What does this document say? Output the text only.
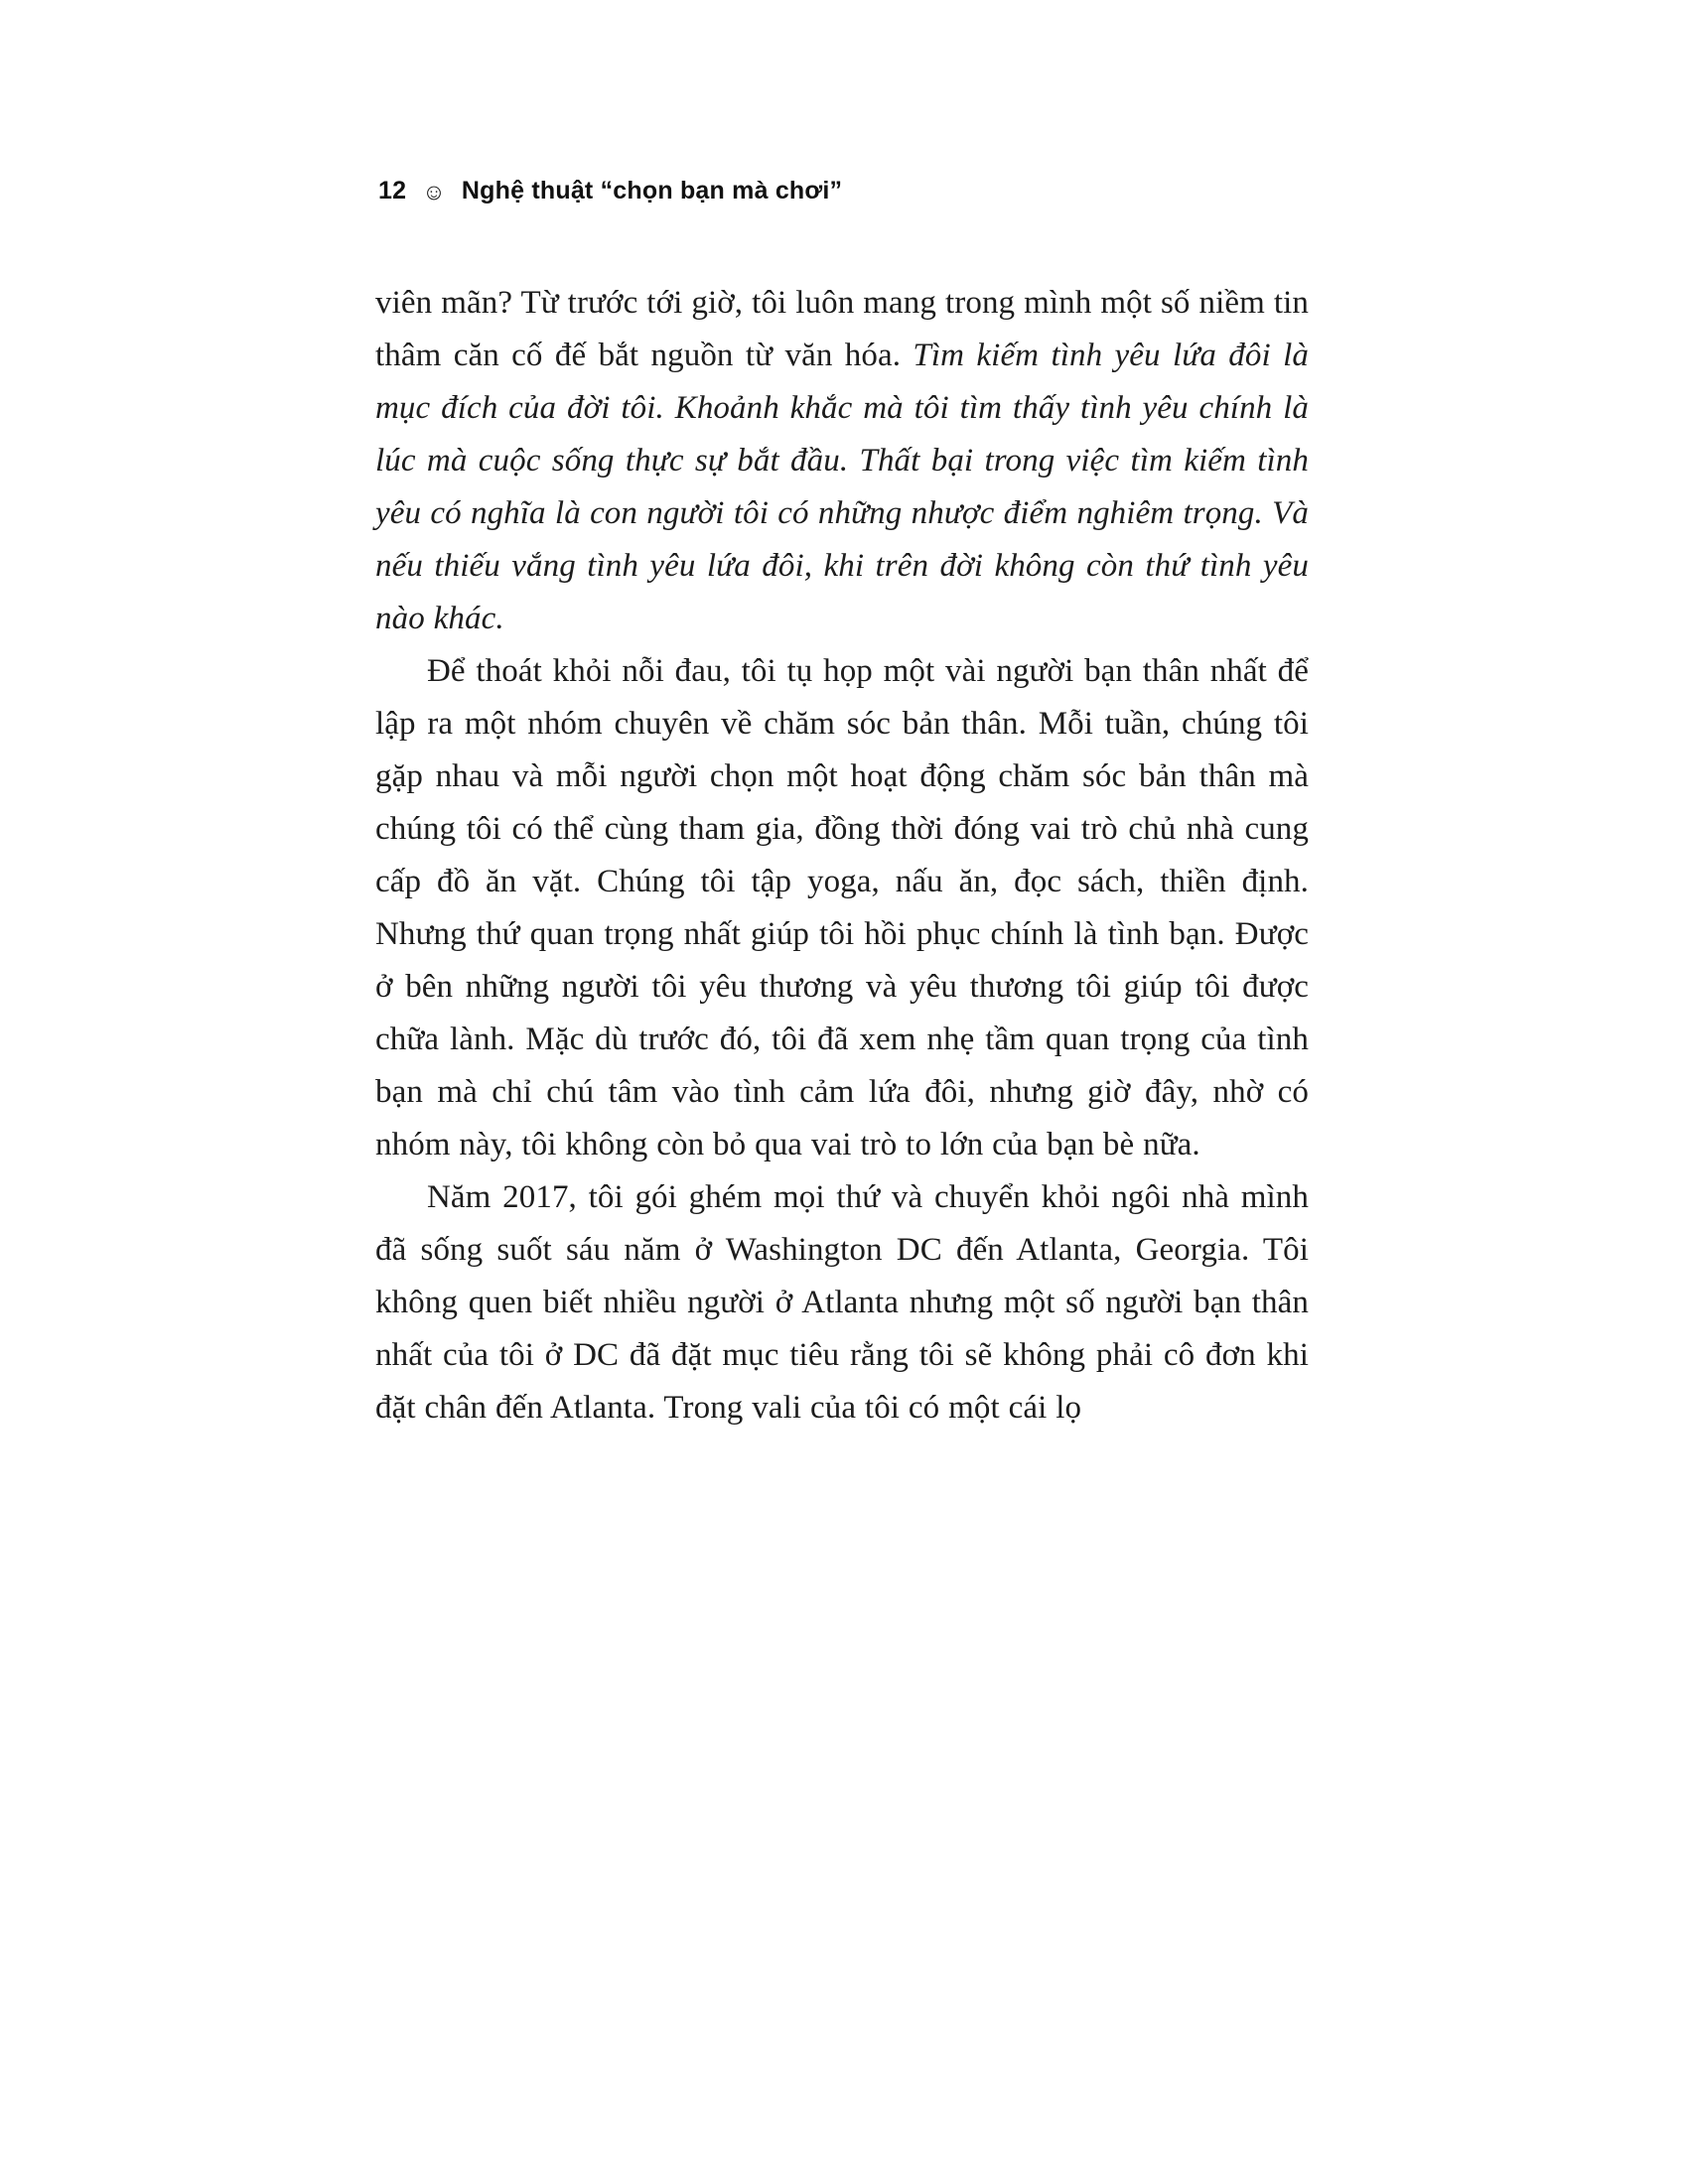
12 ☺ Nghệ thuật “chọn bạn mà chơi”

viên mãn? Từ trước tới giờ, tôi luôn mang trong mình một số niềm tin thâm căn cố đế bắt nguồn từ văn hóa. Tìm kiếm tình yêu lứa đôi là mục đích của đời tôi. Khoảnh khắc mà tôi tìm thấy tình yêu chính là lúc mà cuộc sống thực sự bắt đầu. Thất bại trong việc tìm kiếm tình yêu có nghĩa là con người tôi có những nhược điểm nghiêm trọng. Và nếu thiếu vắng tình yêu lứa đôi, khi trên đời không còn thứ tình yêu nào khác.

Để thoát khỏi nỗi đau, tôi tụ họp một vài người bạn thân nhất để lập ra một nhóm chuyên về chăm sóc bản thân. Mỗi tuần, chúng tôi gặp nhau và mỗi người chọn một hoạt động chăm sóc bản thân mà chúng tôi có thể cùng tham gia, đồng thời đóng vai trò chủ nhà cung cấp đồ ăn vặt. Chúng tôi tập yoga, nấu ăn, đọc sách, thiền định. Nhưng thứ quan trọng nhất giúp tôi hồi phục chính là tình bạn. Được ở bên những người tôi yêu thương và yêu thương tôi giúp tôi được chữa lành. Mặc dù trước đó, tôi đã xem nhẹ tầm quan trọng của tình bạn mà chỉ chú tâm vào tình cảm lứa đôi, nhưng giờ đây, nhờ có nhóm này, tôi không còn bỏ qua vai trò to lớn của bạn bè nữa.

Năm 2017, tôi gói ghém mọi thứ và chuyển khỏi ngôi nhà mình đã sống suốt sáu năm ở Washington DC đến Atlanta, Georgia. Tôi không quen biết nhiều người ở Atlanta nhưng một số người bạn thân nhất của tôi ở DC đã đặt mục tiêu rằng tôi sẽ không phải cô đơn khi đặt chân đến Atlanta. Trong vali của tôi có một cái lọ
